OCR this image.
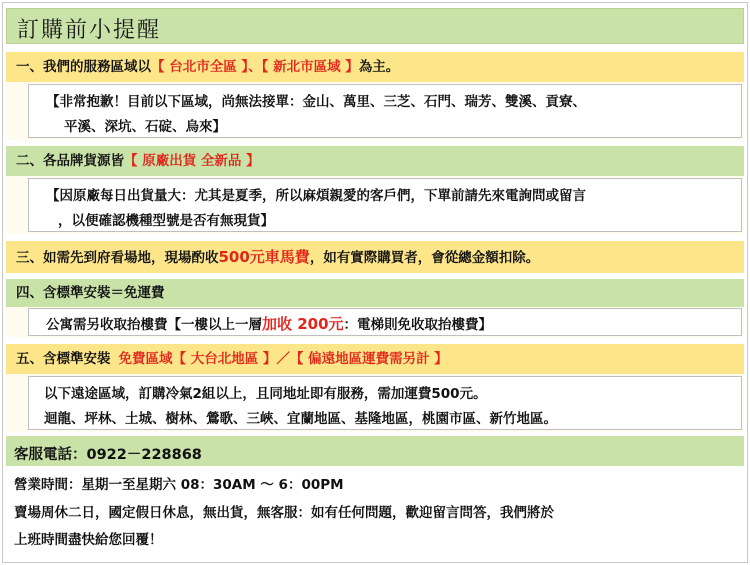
訂購前小提醒
一、我們的服務區域以【 台北市全區 】、【 新北市區域 】為主。
【非常抱歉！目前以下區域，尚無法接單：金山、萬里、三芝、石門、瑞芳、雙溪、貢寮、
平溪、深坑、石碇、烏來】
二、各品牌貨源皆【 原廠出貨 全新品 】
【因原廠每日出貨量大：尤其是夏季，所以麻煩親愛的客戶們，下單前請先來電詢問或留言
，以便確認機種型號是否有無現貨】
三、如需先到府看場地，現場酌收500元車馬費，如有實際購買者，會從總金額扣除。
四、含標準安裝＝免運費
公寓需另收取抬樓費【一樓以上一層加收 200元：電梯則免收取抬樓費】
五、含標準安裝 免費區域【 大台北地區 】／【 偏遠地區運費需另計 】
以下遠途區域，訂購冷氣2組以上，且同地址即有服務，需加運費500元。
迴龍、坪林、土城、樹林、鶯歌、三峽、宜蘭地區、基隆地區，桃園市區、新竹地區。
客服電話：0922－228868
營業時間：星期一至星期六 08：30AM ～ 6：00PM
賣場周休二日，國定假日休息，無出貨，無客服：如有任何問題，歡迎留言問答，我們將於
上班時間盡快給您回覆！
